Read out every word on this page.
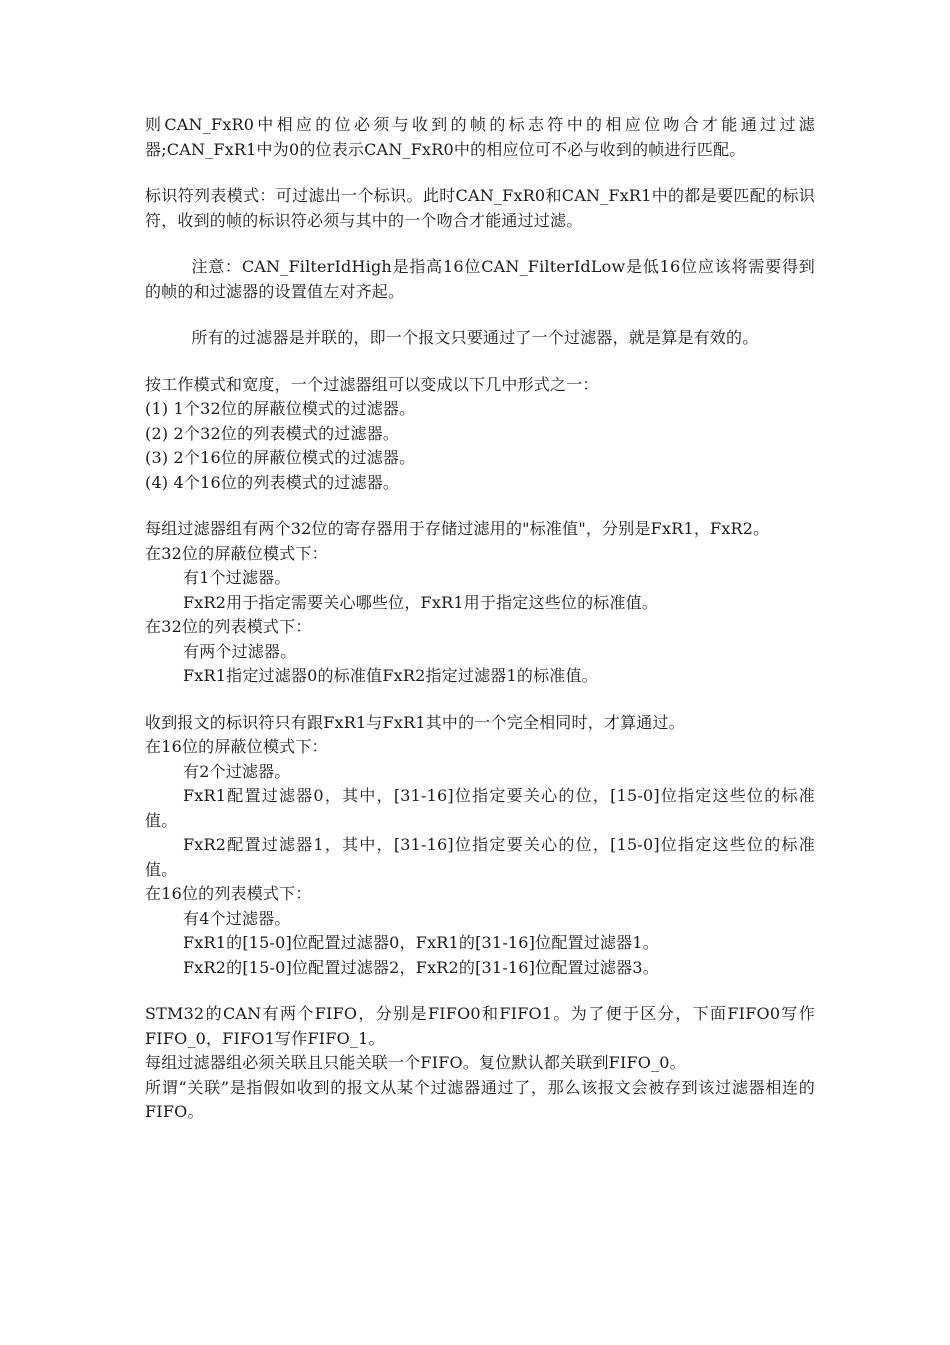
则CAN_FxR0中相应的位必须与收到的帧的标志符中的相应位吻合才能通过过滤器;CAN_FxR1中为0的位表示CAN_FxR0中的相应位可不必与收到的帧进行匹配。

标识符列表模式：可过滤出一个标识。此时CAN_FxR0和CAN_FxR1中的都是要匹配的标识符，收到的帧的标识符必须与其中的一个吻合才能通过过滤。

注意：CAN_FilterIdHigh是指高16位CAN_FilterIdLow是低16位应该将需要得到的帧的和过滤器的设置值左对齐起。

所有的过滤器是并联的，即一个报文只要通过了一个过滤器，就是算是有效的。

按工作模式和宽度，一个过滤器组可以变成以下几中形式之一：

(1) 1个32位的屏蔽位模式的过滤器。
(2) 2个32位的列表模式的过滤器。
(3) 2个16位的屏蔽位模式的过滤器。
(4) 4个16位的列表模式的过滤器。

每组过滤器组有两个32位的寄存器用于存储过滤用的"标准值"，分别是FxR1，FxR2。

在32位的屏蔽位模式下：
有1个过滤器。
FxR2用于指定需要关心哪些位，FxR1用于指定这些位的标准值。
在32位的列表模式下：
有两个过滤器。
FxR1指定过滤器0的标准值FxR2指定过滤器1的标准值。
收到报文的标识符只有跟FxR1与FxR1其中的一个完全相同时，才算通过。
在16位的屏蔽位模式下：
有2个过滤器。

FxR1配置过滤器0，其中，[31-16]位指定要关心的位，[15-0]位指定这些位的标准值。

FxR2配置过滤器1，其中，[31-16]位指定要关心的位，[15-0]位指定这些位的标准值。

在16位的列表模式下：
有4个过滤器。
FxR1的[15-0]位配置过滤器0，FxR1的[31-16]位配置过滤器1。
FxR2的[15-0]位配置过滤器2，FxR2的[31-16]位配置过滤器3。

STM32的CAN有两个FIFO，分别是FIFO0和FIFO1。为了便于区分，下面FIFO0写作FIFO_0，FIFO1写作FIFO_1。

每组过滤器组必须关联且只能关联一个FIFO。复位默认都关联到FIFO_0。

所谓“关联”是指假如收到的报文从某个过滤器通过了，那么该报文会被存到该过滤器相连的FIFO。
